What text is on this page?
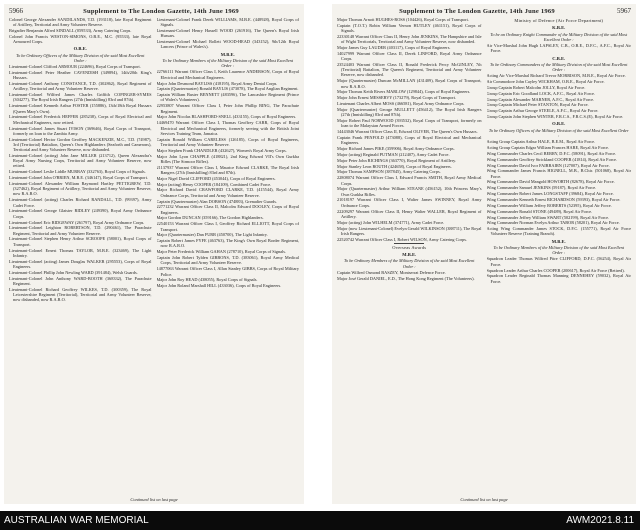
5966	Supplement to The London Gazette, 14th June 1969

Colonel George Alexander SANDILANDS, T.D. (193118), late Royal Regiment of Artillery, Territorial and Army Volunteer Reserve.

Brigadier Benjamin Alfred SINDALL (059533), Army Catering Corps.

Colonel John Francis WESTON-SIMONS, O.B.E., M.C. (95533), late Royal Armoured Corps.

O.B.E.

To be Ordinary Officers of the Military Division of the said Most Excellent Order :

Lieutenant-Colonel Clifford ARMOUR (224696), Royal Corps of Transport.

Lieutenant-Colonel Peter Heather CAVENDISH (349894), 14th/20th King's Hussars.

Lieutenant-Colonel Anthony CONSTANCE, T.D. (302862), Royal Regiment of Artillery, Territorial and Army Volunteer Reserve.

Lieutenant-Colonel Wilfred James Charles Griffith COPINGER-SYMES (304277), The Royal Irish Rangers (27th (Inniskilling) 83rd and 87th).

Lieutenant-Colonel Kenneth Arthur FOSTER (155886), 13th/18th Royal Hussars (Queen Mary's Own).

Lieutenant-Colonel Frederick HEFFER (285238), Corps of Royal Electrical and Mechanical Engineers, now retired.

Lieutenant-Colonel James Stuart IVISON (369646), Royal Corps of Transport, formerly on loan to the Zambia Army.

Lieutenant-Colonel Hector Gordon Geoffrey MACKENZIE, M.C., T.D. (74987), 3rd (Territorial) Battalion, Queen's Own Highlanders (Seaforth and Camerons), Territorial and Army Volunteer Reserve, now disbanded.

Lieutenant-Colonel (acting) John Jane MILLER (213712), Queen Alexandra's Royal Army Nursing Corps, Territorial and Army Volunteer Reserve, now retired.

Lieutenant-Colonel Leslie Liddle MURRAY (332763), Royal Corps of Signals.

Lieutenant-Colonel John O'BRIEN, M.B.E. (346147), Royal Corps of Transport.

Lieutenant-Colonel Alexander William Raymond Hartley PETTIGREW, T.D. (327462), Royal Regiment of Artillery, Territorial and Army Volunteer Reserve, now R.A.R.O.

Lieutenant-Colonel (acting) Charles Richard RANDALL, T.D. (99397), Army Cadet Force.

Lieutenant-Colonel George Glaister RIDLEY (249390), Royal Army Ordnance Corps.

Lieutenant-Colonel Eric RIDGEWAY (261797), Royal Army Ordnance Corps.

Lieutenant-Colonel Leighton ROBERTSON, T.D. (290461), The Parachute Regiment, Territorial and Army Volunteer Reserve.

Lieutenant-Colonel Stephen Henry Arthur SCROOPE (58001), Royal Corps of Transport.

Lieutenant-Colonel Ernest Thomas TAYLOR, M.B.E. (323469), The Light Infantry.

Lieutenant-Colonel (acting) James Douglas WALKER (295553), Corps of Royal Engineers.

Lieutenant-Colonel Phillip John Newling WARD (391484), Welsh Guards.

Lieutenant-Colonel John Anthony WARD-BOOTH (368332), The Parachute Regiment.

Lieutenant-Colonel Richard Geoffrey WILKES, T.D. (300359), The Royal Leicestershire Regiment (Territorial), Territorial and Army Volunteer Reserve, now disbanded, now R.A.R.O.

Lieutenant-Colonel Frank Derek WILLIAMS, M.B.E. (448928), Royal Corps of Signals.

Lieutenant-Colonel Henry Hassell WOOD (261916), The Queen's Royal Irish Hussars.

Lieutenant-Colonel Michael Rollett WOOD-HEAD (343152), 9th/12th Royal Lancers (Prince of Wales's).

M.B.E.

To be Ordinary Members of the Military Division of the said Most Excellent Order :

22766111 Warrant Officer Class I, Keith Laurence ANDERSON, Corps of Royal Electrical and Mechanical Engineers.

Major John Desmond BAYLISS (418195), Royal Army Dental Corps.

Captain (Quartermaster) Ronald BAYLIS (473078), The Royal Anglian Regiment.

Captain William Buster BENNETT (483596), The Lancashire Regiment (Prince of Wales's Volunteers).

22953807 Warrant Officer Class I, Peter John Phillip BING, The Parachute Regiment.

Major John Nicolas BLASHFORD-SNELL (433155), Corps of Royal Engineers.

14469470 Warrant Officer Class I, Thomas Geoffrey CARR, Corps of Royal Electrical and Mechanical Engineers, formerly serving with the British Joint Services Training Team, Jamaica.

Captain Ronald William CARELESS (126185), Corps of Royal Engineers, Territorial and Army Volunteer Reserve.

Major Stephen Frank CHANDLER (432627), Women's Royal Army Corps.

Major John Lyon CHAPPLE (418821), 2nd King Edward VII's Own Gurkha Rifles (The Sirmoor Rifles).

21137937 Warrant Officer Class I, Maurice Edward CLARKE, The Royal Irish Rangers (27th (Inniskilling) 83rd and 87th).

Major Nigel David CLIFFORD (453044), Corps of Royal Engineers.

Major (acting) Henry COOPER (184109), Combined Cadet Force.

Major Richard David CRAWFORD CLARKE, T.D. (415544), Royal Army Ordnance Corps, Territorial and Army Volunteer Reserve.

Captain (Quartermaster) Alan DOBSON (474883), Grenadier Guards.

22771232 Warrant Officer Class II, Malcolm Edward DOOLEY, Corps of Royal Engineers.

Major Gordon DUNCAN (359166), The Gordon Highlanders.

22540153 Warrant Officer Class I, Geoffrey Richard ELLIOTT, Royal Corps of Transport.

Major (Quartermaster) Dan FURR (450700), The Light Infantry.

Captain Robert James FYFE (463763), The King's Own Royal Border Regiment, now R.A.R.O.

Major Peter Frederick William GAHAN (278710), Royal Corps of Signals.

Captain John Robert Tylden GIBBONS, T.D. (383061), Royal Army Medical Corps, Territorial and Army Volunteer Reserve.

14877063 Warrant Officer Class I, Allan Stanley GIBBS, Corps of Royal Military Police.

Major John Roy HEAD (438055), Royal Corps of Signals.

Major John Roland Marshall HILL (433036), Corps of Royal Engineers.

Continued list on last page
Supplement to The London Gazette, 14th June 1969	5967

Major Thomas Arnott HUGHES-ROSS (104426), Royal Corps of Transport.

Captain (T.O.T.) Robin William Vernon HUTLEY (461151), Royal Corps of Signals.

22330148 Warrant Officer Class II, Henry John JENKINS, The Hampshire and Isle of Wight Territorials, Territorial and Army Volunteer Reserve, now disbanded.

Major James Guy LAUDER (403117), Corps of Royal Engineers.

14027999 Warrant Officer Class II, Derek LINFORD, Royal Army Ordnance Corps.

23524403 Warrant Officer Class II, Ronald Frederick Percy McGINLEY, 7th (Territorial) Battalion, The Queen's Regiment, Territorial and Army Volunteer Reserve, now disbanded.

Major (Quartermaster) Duncan McMILLAN (431409), Royal Corps of Transport, now R.A.R.O.

Major Thomas Keith Rivers MARLOW (129844), Corps of Royal Engineers.

Major John Ernest MESSERVY (173279), Royal Corps of Transport.

Lieutenant Charles Albert MOSS (466581), Royal Army Ordnance Corps.

Major (Quartermaster) George MULLETT (456412), The Royal Irish Rangers (27th (Inniskilling) 83rd and 87th).

Major Robert Paul NORWOOD (393532), Royal Corps of Transport, formerly on loan to the Malaysian Armed Forces.

14443046 Warrant Officer Class II, Edward OLIVER, The Queen's Own Hussars.

Captain Frank PENFOLD (473088), Corps of Royal Electrical and Mechanical Engineers.

Major Richard James PIKE (359906), Royal Army Ordnance Corps.

Major (acting) Reginald PUTMAN (212407), Army Cadet Force.

Major Peter John RICHINGS (363770), Royal Regiment of Artillery.

Major Stanley Leon ROUTH (424658), Corps of Royal Engineers.

Major Thomas SAMPSON (387845), Army Catering Corps.

22808074 Warrant Officer Class I, Edward Francis SMITH, Royal Army Medical Corps.

Major (Quartermaster) Arthur William STEANE (456152), 10th Princess Mary's Own Gurkha Rifles.

21018197 Warrant Officer Class I, Walter James SWINNEY, Royal Army Ordnance Corps.

22209297 Warrant Officer Class II, Henry Walter WALLER, Royal Regiment of Artillery.

Major (acting) John WILHELM (374771), Army Cadet Force.

Major (now Lieutenant-Colonel) Evelyn Gerald WILKINSON (388711), The Royal Irish Rangers.

22520742 Warrant Officer Class I, Robert WILSON, Army Catering Corps.

Overseas Awards

M.B.E.

To be Ordinary Members of the Military Division of the said Most Excellent Order :

Captain Wilfred Osmond BASZEY, Montserrat Defence Force.

Major José Gerald DANIEL, E.D., The Hong Kong Regiment (The Volunteers).

Ministry of Defence (Air Force Department)

K.B.E.

To be an Ordinary Knight Commander of the Military Division of the said Most Excellent Order :

Air Vice-Marshal John Hugh LAPSLEY, C.B., O.B.E., D.F.C., A.F.C., Royal Air Force.

C.B.E.

To be Ordinary Commanders of the Military Division of the said Most Excellent Order :

Acting Air Vice-Marshal Richard Trevor MORRISON, M.B.E., Royal Air Force.

Air Commodore John Cayley WICKHAM, O.B.E., Royal Air Force.

Group Captain Robert Malcolm JOLLY, Royal Air Force.

Group Captain Eric Goodland LOCK, A.F.C., Royal Air Force.

Group Captain Alexander MARNER, A.F.C., Royal Air Force.

Group Captain Michael Peter STANTON, Royal Air Force.

Group Captain Arthur George STEELE, A.F.C., Royal Air Force.

Group Captain John Stephen WINTER, F.R.C.S., F.R.C.S.(E), Royal Air Force.

O.B.E.

To be Ordinary Officers of the Military Division of the said Most Excellent Order :

Acting Group Captain Arthur HALE, B.E.M., Royal Air Force.

Acting Group Captain Edgar William Frances HARE, Royal Air Force.

Wing Commander Charles Cecil BERRY, D.F.C. (58091), Royal Air Force.

Wing Commander Geoffrey Strickland COOPER (41814), Royal Air Force.

Wing Commander David Ivor FAIRBAIRN (127007), Royal Air Force.

Wing Commander James Francis HIGNELL, M.B., B.Chir. (501068), Royal Air Force.

Wing Commander David Mangold HOWORTH (82678), Royal Air Force.

Wing Commander Samuel JENKINS (59187), Royal Air Force.

Wing Commander Robert James LONGSTAFF (39684), Royal Air Force.

Wing Commander Kenneth Ernest RICHARDSON (59393), Royal Air Force.

Wing Commander William Jeffery ROBERTS (52395), Royal Air Force.

Wing Commander Ronald STONE (49489), Royal Air Force.

Wing Commander Jeffrey William SWART (502199), Royal Air Force.

Wing Commander Norman Evelyn Arthur TABOR (58201), Royal Air Force.

Acting Wing Commander James STOCK, D.F.C. (155771), Royal Air Force Volunteer Reserve (Training Branch).

M.B.E.

To be Ordinary Members of the Military Division of the said Most Excellent Order :

Squadron Leader Thomas Wilfred Pitre CLIFFORD, D.F.C. (56254), Royal Air Force.

Squadron Leader Arthur Charles COOPER (200617), Royal Air Force (Retired).

Squadron Leader Reginald Thomas Manning DENNEHEY (59032), Royal Air Force.

Continued list on last page
AUSTRALIAN WAR MEMORIAL	AWM2021.8.11
